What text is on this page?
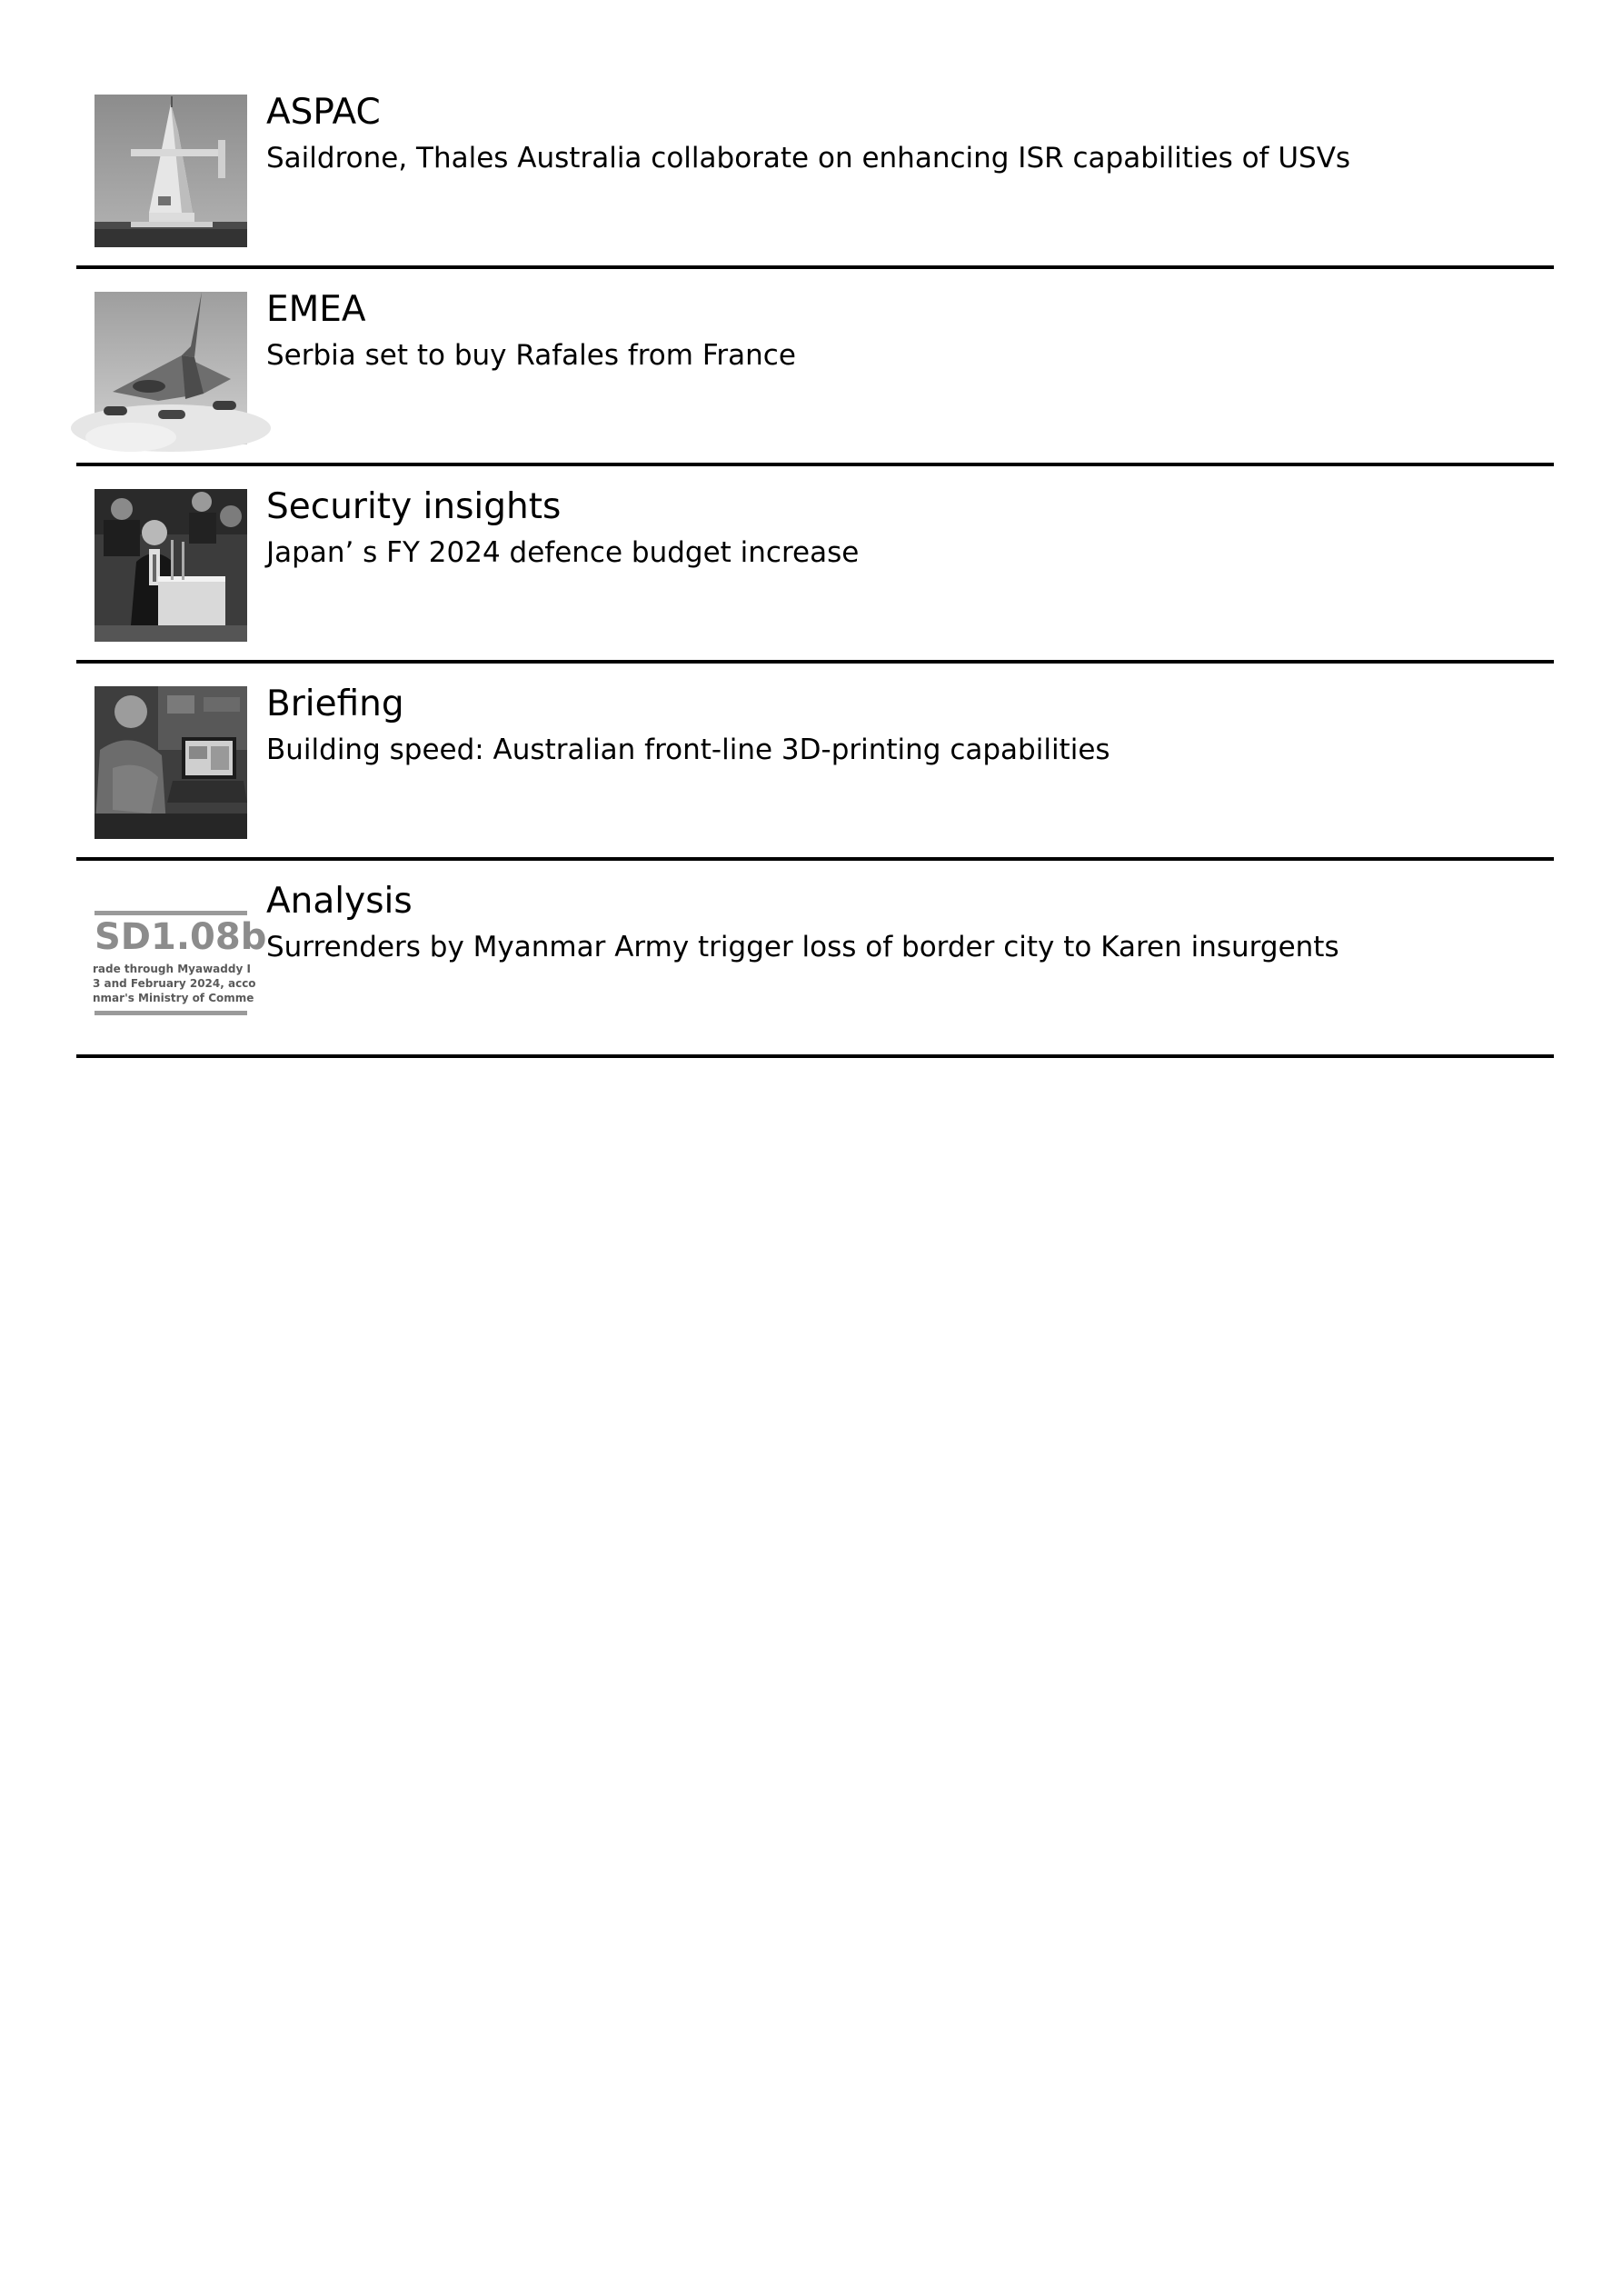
ASPAC
Saildrone, Thales Australia collaborate on enhancing ISR capabilities of USVs
EMEA
Serbia set to buy Rafales from France
Security insights
Japan’ s FY 2024 defence budget increase
Briefing
Building speed: Australian front-line 3D-printing capabilities
SD1.08b
rade through Myawaddy I
3 and February 2024, acco
nmar's Ministry of Comme
Analysis
Surrenders by Myanmar Army trigger loss of border city to Karen insurgents
